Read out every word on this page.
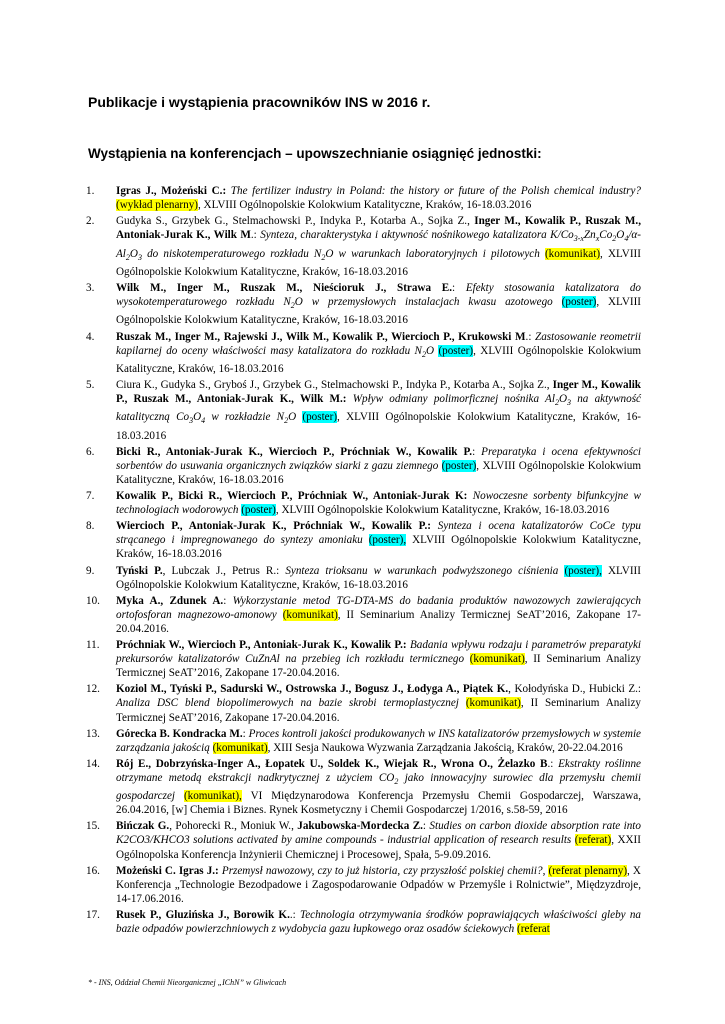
Publikacje i wystąpienia pracowników INS w 2016 r.
Wystąpienia na konferencjach – upowszechnianie osiągnięć jednostki:
1.	Igras J., Możeński C.: The fertilizer industry in Poland: the history or future of the Polish chemical industry? (wykład plenarny), XLVIII Ogólnopolskie Kolokwium Katalityczne, Kraków, 16-18.03.2016
2.	Gudyka S., Grzybek G., Stelmachowski P., Indyka P., Kotarba A., Sojka Z., Inger M., Kowalik P., Ruszak M., Antoniak-Jurak K., Wilk M.: Synteza, charakterystyka i aktywność nośnikowego katalizatora $K/Co_{3-x}Zn_xCo_2O_4/\alpha-Al_2O_3$ do niskotemperaturowego rozkładu $N_2O$ w warunkach laboratoryjnych i pilotowych (komunikat), XLVIII Ogólnopolskie Kolokwium Katalityczne, Kraków, 16-18.03.2016
3.	Wilk M., Inger M., Ruszak M., Nieścioruk J., Strawa E.: Efekty stosowania katalizatora do wysokotemperaturowego rozkładu $N_2O$ w przemysłowych instalacjach kwasu azotowego (poster), XLVIII Ogólnopolskie Kolokwium Katalityczne, Kraków, 16-18.03.2016
4.	Ruszak M., Inger M., Rajewski J., Wilk M., Kowalik P., Wiercioch P., Krukowski M.: Zastosowanie reometrii kapilarnej do oceny właściwości masy katalizatora do rozkładu $N_2O$ (poster), XLVIII Ogólnopolskie Kolokwium Katalityczne, Kraków, 16-18.03.2016
5.	Ciura K., Gudyka S., Gryboś J., Grzybek G., Stelmachowski P., Indyka P., Kotarba A., Sojka Z., Inger M., Kowalik P., Ruszak M., Antoniak-Jurak K., Wilk M.: Wpływ odmiany polimorficznej nośnika $Al_2O_3$ na aktywność katalityczną $Co_3O_4$ w rozkładzie $N_2O$ (poster), XLVIII Ogólnopolskie Kolokwium Katalityczne, Kraków, 16-18.03.2016
6.	Bicki R., Antoniak-Jurak K., Wiercioch P., Próchniak W., Kowalik P.: Preparatyka i ocena efektywności sorbentów do usuwania organicznych związków siarki z gazu ziemnego (poster), XLVIII Ogólnopolskie Kolokwium Katalityczne, Kraków, 16-18.03.2016
7.	Kowalik P., Bicki R., Wiercioch P., Próchniak W., Antoniak-Jurak K: Nowoczesne sorbenty bifunkcyjne w technologiach wodorowych (poster), XLVIII Ogólnopolskie Kolokwium Katalityczne, Kraków, 16-18.03.2016
8.	Wiercioch P., Antoniak-Jurak K., Próchniak W., Kowalik P.: Synteza i ocena katalizatorów CoCe typu strącanego i impregnowanego do syntezy amoniaku (poster), XLVIII Ogólnopolskie Kolokwium Katalityczne, Kraków, 16-18.03.2016
9.	Tyński P., Lubczak J., Petrus R.: Synteza trioksanu w warunkach podwyższonego ciśnienia (poster), XLVIII Ogólnopolskie Kolokwium Katalityczne, Kraków, 16-18.03.2016
10.	Myka A., Zdunek A.: Wykorzystanie metod TG-DTA-MS do badania produktów nawozowych zawierających ortofosforan magnezowo-amonowy (komunikat), II Seminarium Analizy Termicznej SeAT’2016, Zakopane 17-20.04.2016.
11.	Próchniak W., Wiercioch P., Antoniak-Jurak K., Kowalik P.: Badania wpływu rodzaju i parametrów preparatyki prekursorów katalizatorów CuZnAl na przebieg ich rozkładu termicznego (komunikat), II Seminarium Analizy Termicznej SeAT’2016, Zakopane 17-20.04.2016.
12.	Koziol M., Tyński P., Sadurski W., Ostrowska J., Bogusz J., Łodyga A., Piątek K., Kołodyńska D., Hubicki Z.: Analiza DSC blend biopolimerowych na bazie skrobi termoplastycznej (komunikat), II Seminarium Analizy Termicznej SeAT’2016, Zakopane 17-20.04.2016.
13.	Górecka B. Kondracka M.: Proces kontroli jakości produkowanych w INS katalizatorów przemysłowych w systemie zarządzania jakością (komunikat), XIII Sesja Naukowa Wyzwania Zarządzania Jakością, Kraków, 20-22.04.2016
14.	Rój E., Dobrzyńska-Inger A., Łopatek U., Soldek K., Wiejak R., Wrona O., Żelazko B.: Ekstrakty roślinne otrzymane metodą ekstrakcji nadkrytycznej z użyciem $CO_2$ jako innowacyjny surowiec dla przemysłu chemii gospodarczej (komunikat), VI Międzynarodowa Konferencja Przemysłu Chemii Gospodarczej, Warszawa, 26.04.2016, [w] Chemia i Biznes. Rynek Kosmetyczny i Chemii Gospodarczej 1/2016, s.58-59, 2016
15.	Bińczak G., Pohorecki R., Moniuk W., Jakubowska-Mordecka Z.: Studies on carbon dioxide absorption rate into K2CO3/KHCO3 solutions activated by amine compounds - industrial application of research results (referat), XXII Ogólnopolska Konferencja Inżynierii Chemicznej i Procesowej, Spała, 5-9.09.2016.
16.	Możeński C. Igras J.: Przemysł nawozowy, czy to już historia, czy przyszłość polskiej chemii?, (referat plenarny), X Konferencja „Technologie Bezodpadowe i Zagospodarowanie Odpadów w Przemyśle i Rolnictwie”, Międzyzdroje, 14-17.06.2016.
17.	Rusek P., Gluzińska J., Borowik K..: Technologia otrzymywania środków poprawiających właściwości gleby na bazie odpadów powierzchniowych z wydobycia gazu łupkowego oraz osadów ściekowych (referat
* - INS, Oddział Chemii Nieorganicznej „IChN” w Gliwicach
